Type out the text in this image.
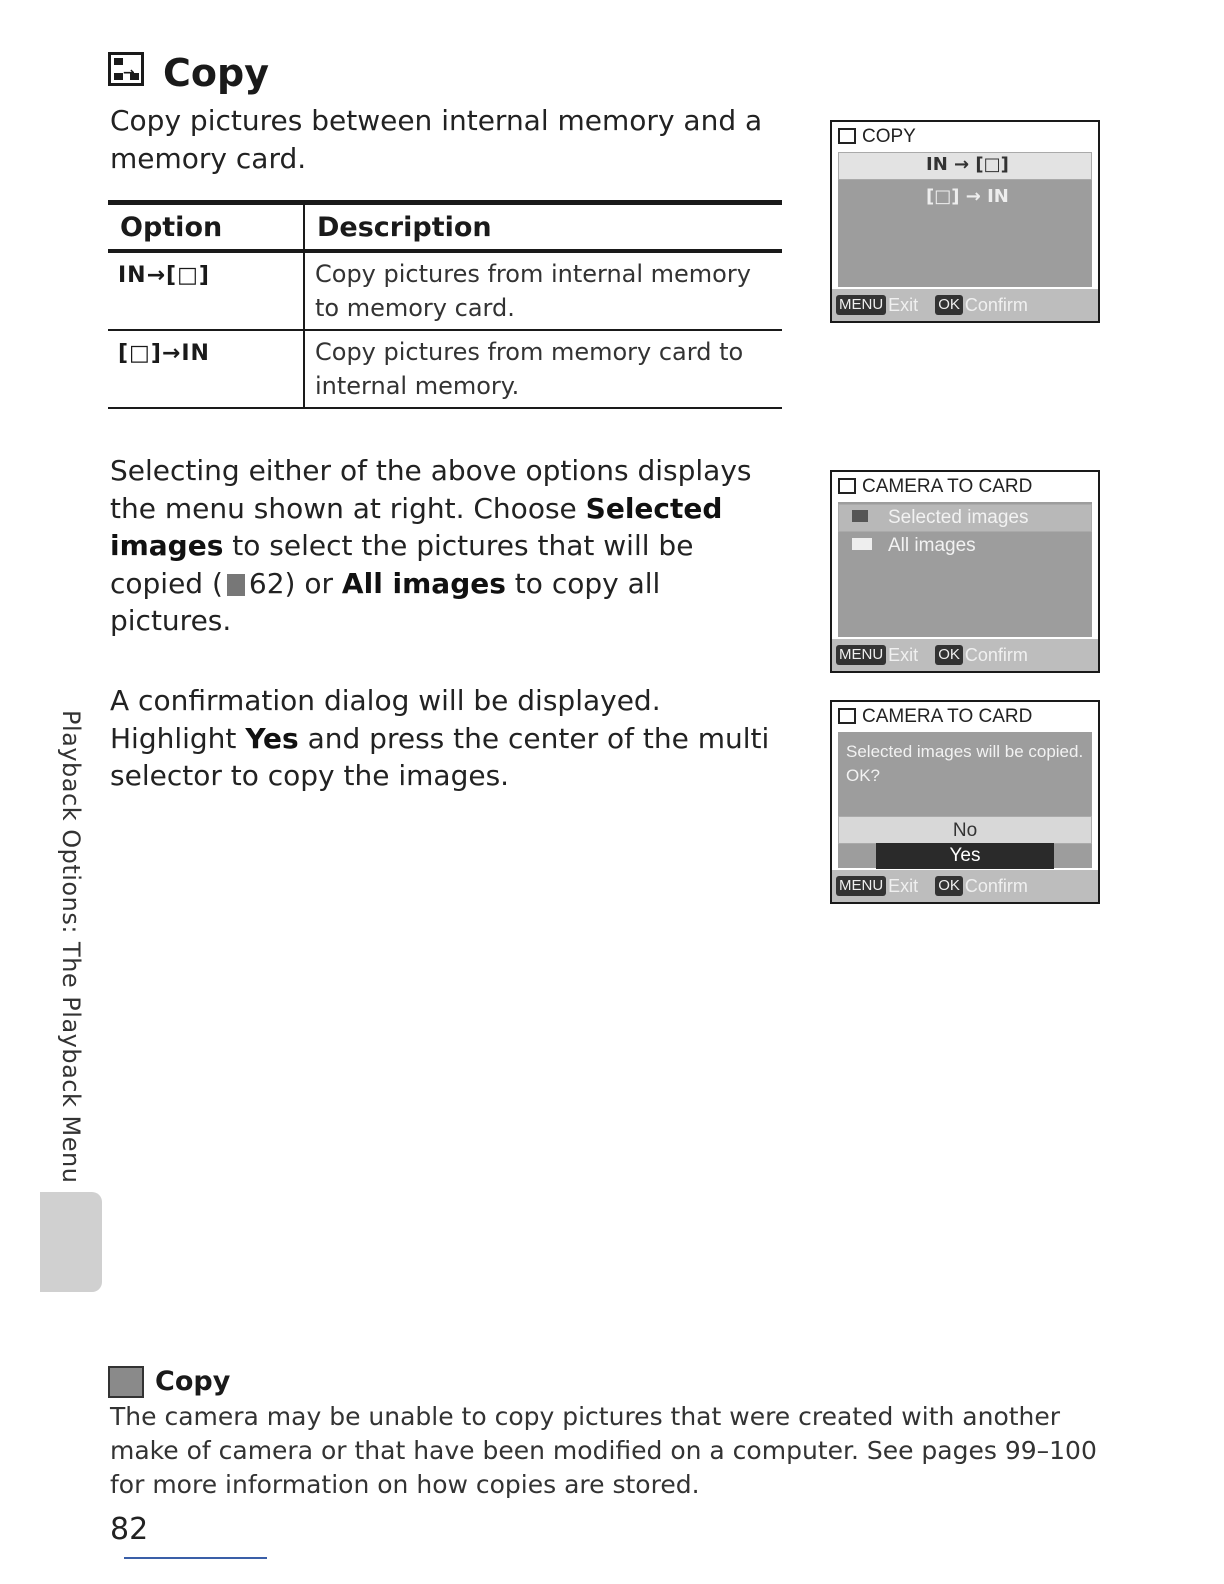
→ Copy
Copy pictures between internal memory and a memory card.
Option	Description
IN→[□]	Copy pictures from internal memory to memory card.
[□]→IN	Copy pictures from memory card to internal memory.
Selecting either of the above options displays the menu shown at right. Choose Selected images to select the pictures that will be copied ( 62) or All images to copy all pictures.
A confirmation dialog will be displayed. Highlight Yes and press the center of the multi selector to copy the images.
COPY
IN → [□]
[□] → IN
MENU Exit OK Confirm
CAMERA TO CARD
Selected images
All images
MENU Exit OK Confirm
CAMERA TO CARD
Selected images will be copied. OK?
No
Yes
MENU Exit OK Confirm
Playback Options: The Playback Menu
Copy
The camera may be unable to copy pictures that were created with another make of camera or that have been modified on a computer. See pages 99–100 for more information on how copies are stored.
82
